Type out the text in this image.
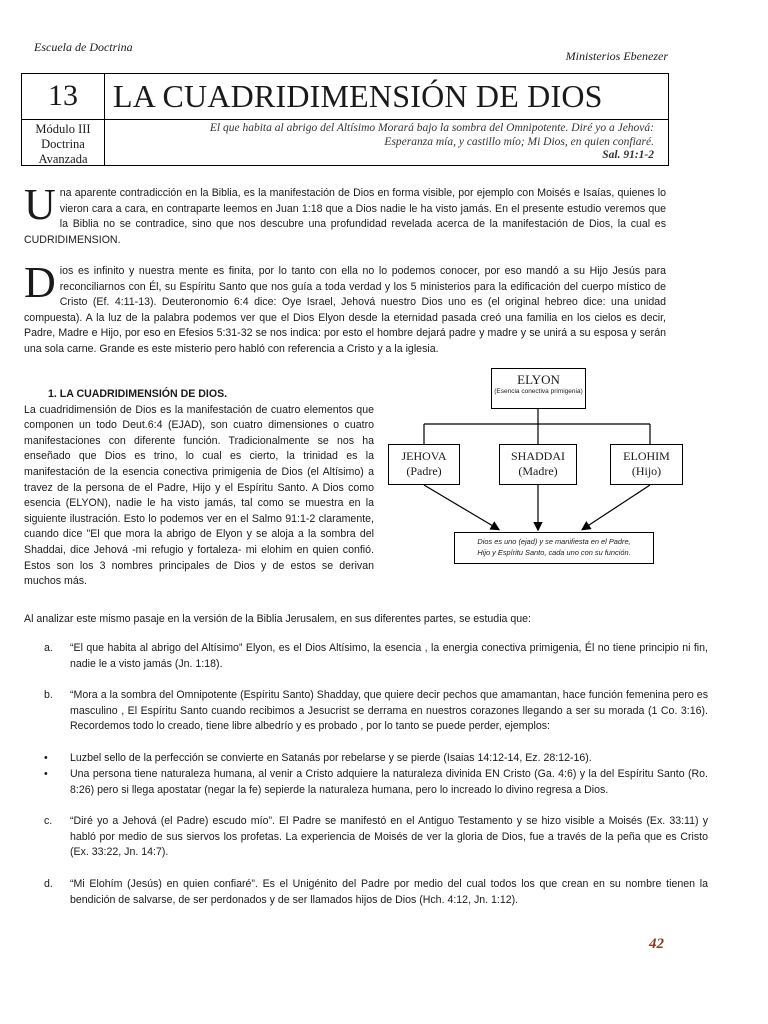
Escuela de Doctrina
Ministerios Ebenezer
13	LA CUADRIDIMENSIÓN DE DIOS
Módulo III
Doctrina
Avanzada
El que habita al abrigo del Altísimo Morará bajo la sombra del Omnipotente. Diré yo a Jehová:
Esperanza mía, y castillo mío; Mi Dios, en quien confiaré.
Sal. 91:1-2

Una aparente contradicción en la Biblia, es la manifestación de Dios en forma visible, por ejemplo con Moisés e Isaías, quienes lo vieron cara a cara, en contraparte leemos en Juan 1:18 que a Dios nadie le ha visto jamás. En el presente estudio veremos que la Biblia no se contradice, sino que nos descubre una profundidad revelada acerca de la manifestación de Dios, la cual es CUDRIDIMENSION.

Dios es infinito y nuestra mente es finita, por lo tanto con ella no lo podemos conocer, por eso mandó a su Hijo Jesús para reconciliarnos con Él, su Espíritu Santo que nos guía a toda verdad y los 5 ministerios para la edificación del cuerpo místico de Cristo (Ef. 4:11-13). Deuteronomio 6:4 dice: Oye Israel, Jehová nuestro Dios uno es (el original hebreo dice: una unidad compuesta). A la luz de la palabra podemos ver que el Dios Elyon desde la eternidad pasada creó una familia en los cielos es decir, Padre, Madre e Hijo, por eso en Efesios 5:31-32 se nos indica: por esto el hombre dejará padre y madre y se unirá a su esposa y serán una sola carne. Grande es este misterio pero habló con referencia a Cristo y a la iglesia.

1. LA CUADRIDIMENSIÓN DE DIOS.

La cuadridimensión de Dios es la manifestación de cuatro elementos que componen un todo Deut.6:4 (EJAD), son cuatro dimensiones o cuatro manifestaciones con diferente función. Tradicionalmente se nos ha enseñado que Dios es trino, lo cual es cierto, la trinidad es la manifestación de la esencia conectiva primigenia de Dios (el Altísimo) a travez de la persona de el Padre, Hijo y el Espíritu Santo. A Dios como esencia (ELYON), nadie le ha visto jamás, tal como se muestra en la siguiente ilustración. Esto lo podemos ver en el Salmo 91:1-2 claramente, cuando dice "El que mora la abrigo de Elyon y se aloja a la sombra del Shaddai, dice Jehová -mi refugio y fortaleza- mi elohim en quien confió. Estos son los 3 nombres principales de Dios y de estos se derivan muchos más.

ELYON
(Esencia conectiva primigenia)
JEHOVA
(Padre)
SHADDAI
(Madre)
ELOHIM
(Hijo)
Dios es uno (ejad) y se manifiesta en el Padre,
Hijo y Espíritu Santo, cada uno con su función.

Al analizar este mismo pasaje en la versión de la Biblia Jerusalem, en sus diferentes partes, se estudia que:

a.	“El que habita al abrigo del Altísimo” Elyon, es el Dios Altísimo, la esencia , la energia conectiva primigenia, Él no tiene principio ni fin, nadie le a visto jamás (Jn. 1:18).
b.	“Mora a la sombra del Omnipotente (Espíritu Santo) Shadday, que quiere decir pechos que amamantan, hace función femenina pero es masculino , El Espíritu Santo cuando recibimos a Jesucrist se derrama en nuestros corazones llegando a ser su morada (1 Co. 3:16). Recordemos todo lo creado, tiene libre albedrío y es probado , por lo tanto se puede perder, ejemplos:
•	Luzbel sello de la perfección se convierte en Satanás por rebelarse y se pierde (Isaias 14:12-14, Ez. 28:12-16).
•	Una persona tiene naturaleza humana, al venir a Cristo adquiere la naturaleza divinida EN Cristo (Ga. 4:6) y la del Espíritu Santo (Ro. 8:26) pero si llega apostatar (negar la fe) sepierde la naturaleza humana, pero lo increado lo divino regresa a Dios.
c.	“Diré yo a Jehová (el Padre) escudo mío”. El Padre se manifestó en el Antiguo Testamento y se hizo visible a Moisés (Ex. 33:11) y habló por medio de sus siervos los profetas. La experiencia de Moisés de ver la gloria de Dios, fue a través de la peña que es Cristo (Ex. 33:22, Jn. 14:7).
d.	“Mi Elohím (Jesús) en quien confiaré”. Es el Unigénito del Padre por medio del cual todos los que crean en su nombre tienen la bendición de salvarse, de ser perdonados y de ser llamados hijos de Dios (Hch. 4:12, Jn. 1:12).
42
